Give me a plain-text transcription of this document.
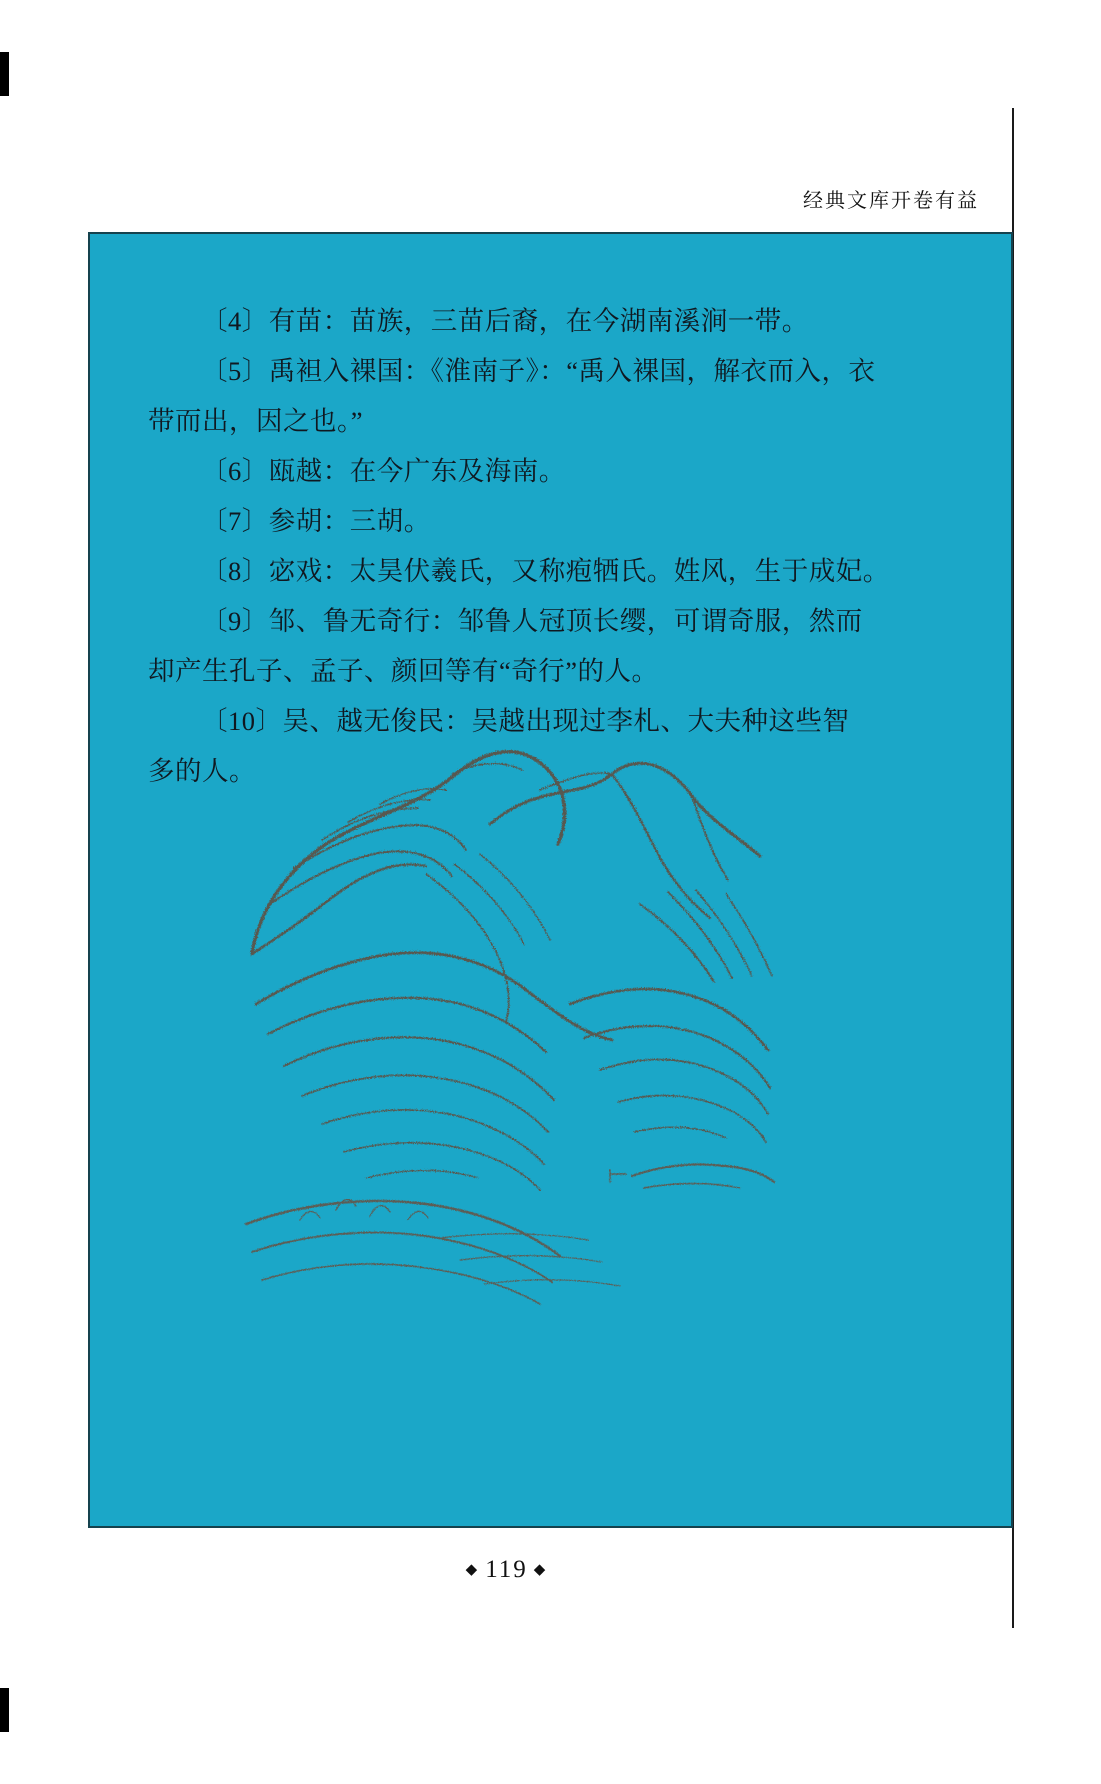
经典文库开卷有益
〔4〕有苗：苗族，三苗后裔，在今湖南溪涧一带。
〔5〕禹袒入裸国：《淮南子》：“禹入裸国，解衣而入，衣
带而出，因之也。”
〔6〕瓯越：在今广东及海南。
〔7〕参胡：三胡。
〔8〕宓戏：太昊伏羲氏，又称疱牺氏。姓风，生于成妃。
〔9〕邹、鲁无奇行：邹鲁人冠顶长缨，可谓奇服，然而
却产生孔子、孟子、颜回等有“奇行”的人。
〔10〕吴、越无俊民：吴越出现过李札、大夫种这些智
多的人。
◆ 119 ◆
